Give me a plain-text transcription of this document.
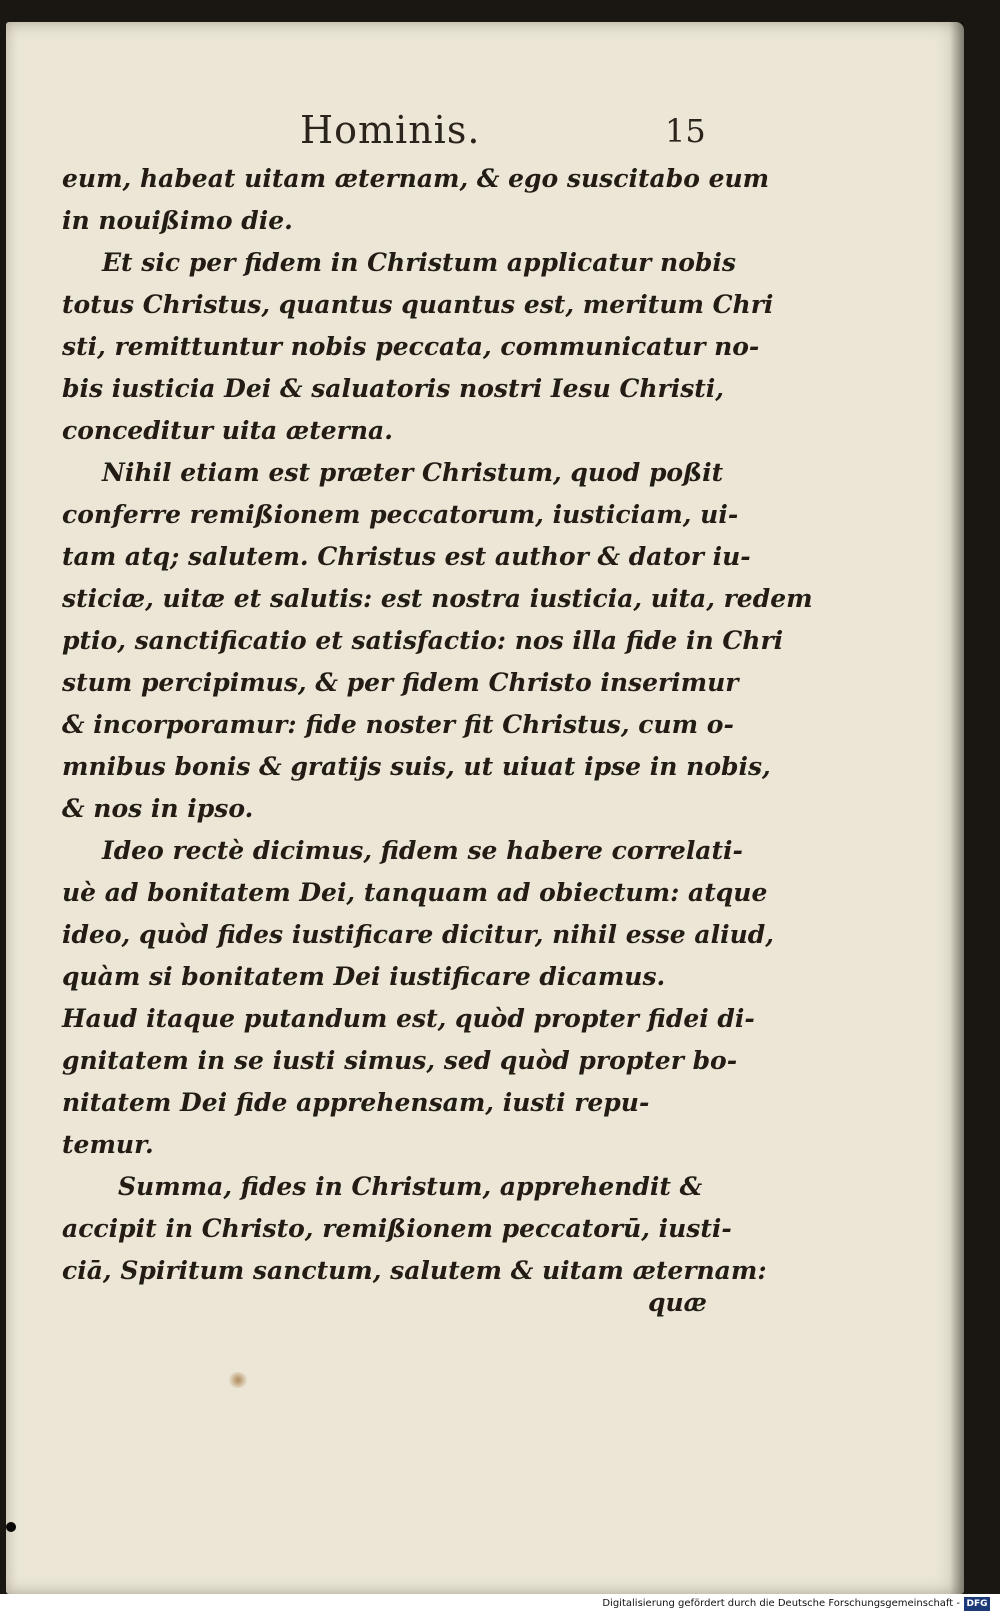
Hominis.	15
eum, habeat uitam æternam, & ego suscitabo eum
in nouißimo die.
Et sic per fidem in Christum applicatur nobis
totus Christus, quantus quantus est, meritum Chri
sti, remittuntur nobis peccata, communicatur no-
bis iusticia Dei & saluatoris nostri Iesu Christi,
conceditur uita æterna.
Nihil etiam est præter Christum, quod poßit
conferre remißionem peccatorum, iusticiam, ui-
tam atq; salutem. Christus est author & dator iu-
sticiæ, uitæ et salutis: est nostra iusticia, uita, redem
ptio, sanctificatio et satisfactio: nos illa fide in Chri
stum percipimus, & per fidem Christo inserimur
& incorporamur: fide noster fit Christus, cum o-
mnibus bonis & gratijs suis, ut uiuat ipse in nobis,
& nos in ipso.
Ideo rectè dicimus, fidem se habere correlati-
uè ad bonitatem Dei, tanquam ad obiectum: atque
ideo, quòd fides iustificare dicitur, nihil esse aliud,
quàm si bonitatem Dei iustificare dicamus.
Haud itaque putandum est, quòd propter fidei di-
gnitatem in se iusti simus, sed quòd propter bo-
nitatem Dei fide apprehensam, iusti repu-
temur.
Summa, fides in Christum, apprehendit &
accipit in Christo, remißionem peccatorū, iusti-
ciā, Spiritum sanctum, salutem & uitam æternam:
quæ
Digitalisierung gefördert durch die Deutsche Forschungsgemeinschaft - DFG
